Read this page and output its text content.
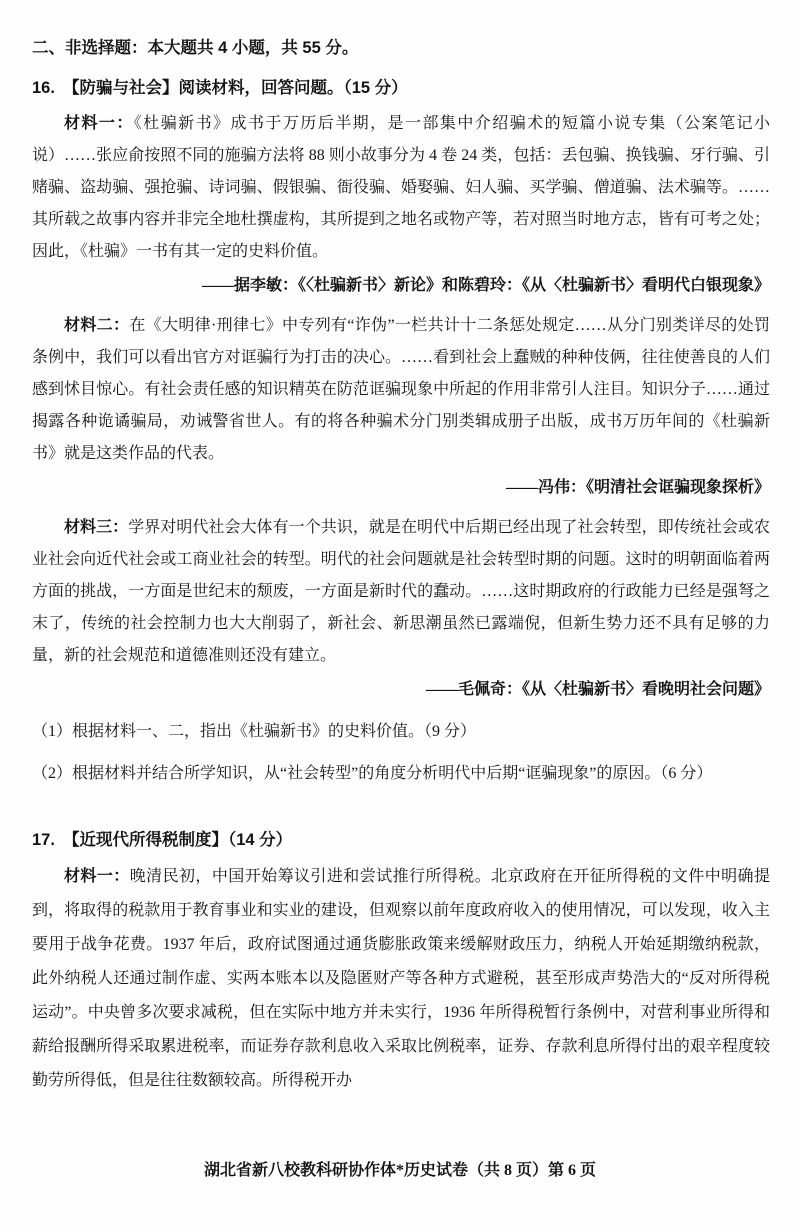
二、非选择题：本大题共 4 小题，共 55 分。
16. 【防骗与社会】阅读材料，回答问题。（15 分）

材料一：《杜骗新书》成书于万历后半期，是一部集中介绍骗术的短篇小说专集（公案笔记小说）……张应俞按照不同的施骗方法将 88 则小故事分为 4 卷 24 类，包括：丢包骗、换钱骗、牙行骗、引赌骗、盗劫骗、强抢骗、诗词骗、假银骗、衙役骗、婚娶骗、妇人骗、买学骗、僧道骗、法术骗等。……其所载之故事内容并非完全地杜撰虚构，其所提到之地名或物产等，若对照当时地方志，皆有可考之处；因此，《杜骗》一书有其一定的史料价值。

——据李敏：《〈杜骗新书〉新论》和陈碧玲：《从〈杜骗新书〉看明代白银现象》

材料二：在《大明律·刑律七》中专列有“诈伪”一栏共计十二条惩处规定……从分门别类详尽的处罚条例中，我们可以看出官方对诓骗行为打击的决心。……看到社会上蠢贼的种种伎俩，往往使善良的人们感到怵目惊心。有社会责任感的知识精英在防范诓骗现象中所起的作用非常引人注目。知识分子……通过揭露各种诡谲骗局，劝诫警省世人。有的将各种骗术分门别类辑成册子出版，成书万历年间的《杜骗新书》就是这类作品的代表。

——冯伟：《明清社会诓骗现象探析》

材料三：学界对明代社会大体有一个共识，就是在明代中后期已经出现了社会转型，即传统社会或农业社会向近代社会或工商业社会的转型。明代的社会问题就是社会转型时期的问题。这时的明朝面临着两方面的挑战，一方面是世纪末的颓废，一方面是新时代的蠢动。……这时期政府的行政能力已经是强弩之末了，传统的社会控制力也大大削弱了，新社会、新思潮虽然已露端倪，但新生势力还不具有足够的力量，新的社会规范和道德准则还没有建立。

——毛佩奇：《从〈杜骗新书〉看晚明社会问题》

（1）根据材料一、二，指出《杜骗新书》的史料价值。（9 分）

（2）根据材料并结合所学知识，从“社会转型”的角度分析明代中后期“诓骗现象”的原因。（6 分）

17. 【近现代所得税制度】（14 分）

材料一：晚清民初，中国开始筹议引进和尝试推行所得税。北京政府在开征所得税的文件中明确提到，将取得的税款用于教育事业和实业的建设，但观察以前年度政府收入的使用情况，可以发现，收入主要用于战争花费。1937 年后，政府试图通过通货膨胀政策来缓解财政压力，纳税人开始延期缴纳税款，此外纳税人还通过制作虚、实两本账本以及隐匿财产等各种方式避税，甚至形成声势浩大的“反对所得税运动”。中央曾多次要求减税，但在实际中地方并未实行，1936 年所得税暂行条例中，对营利事业所得和薪给报酬所得采取累进税率，而证券存款利息收入采取比例税率，证券、存款利息所得付出的艰辛程度较勤劳所得低，但是往往数额较高。所得税开办

湖北省新八校教科研协作体*历史试卷（共 8 页）第 6 页
